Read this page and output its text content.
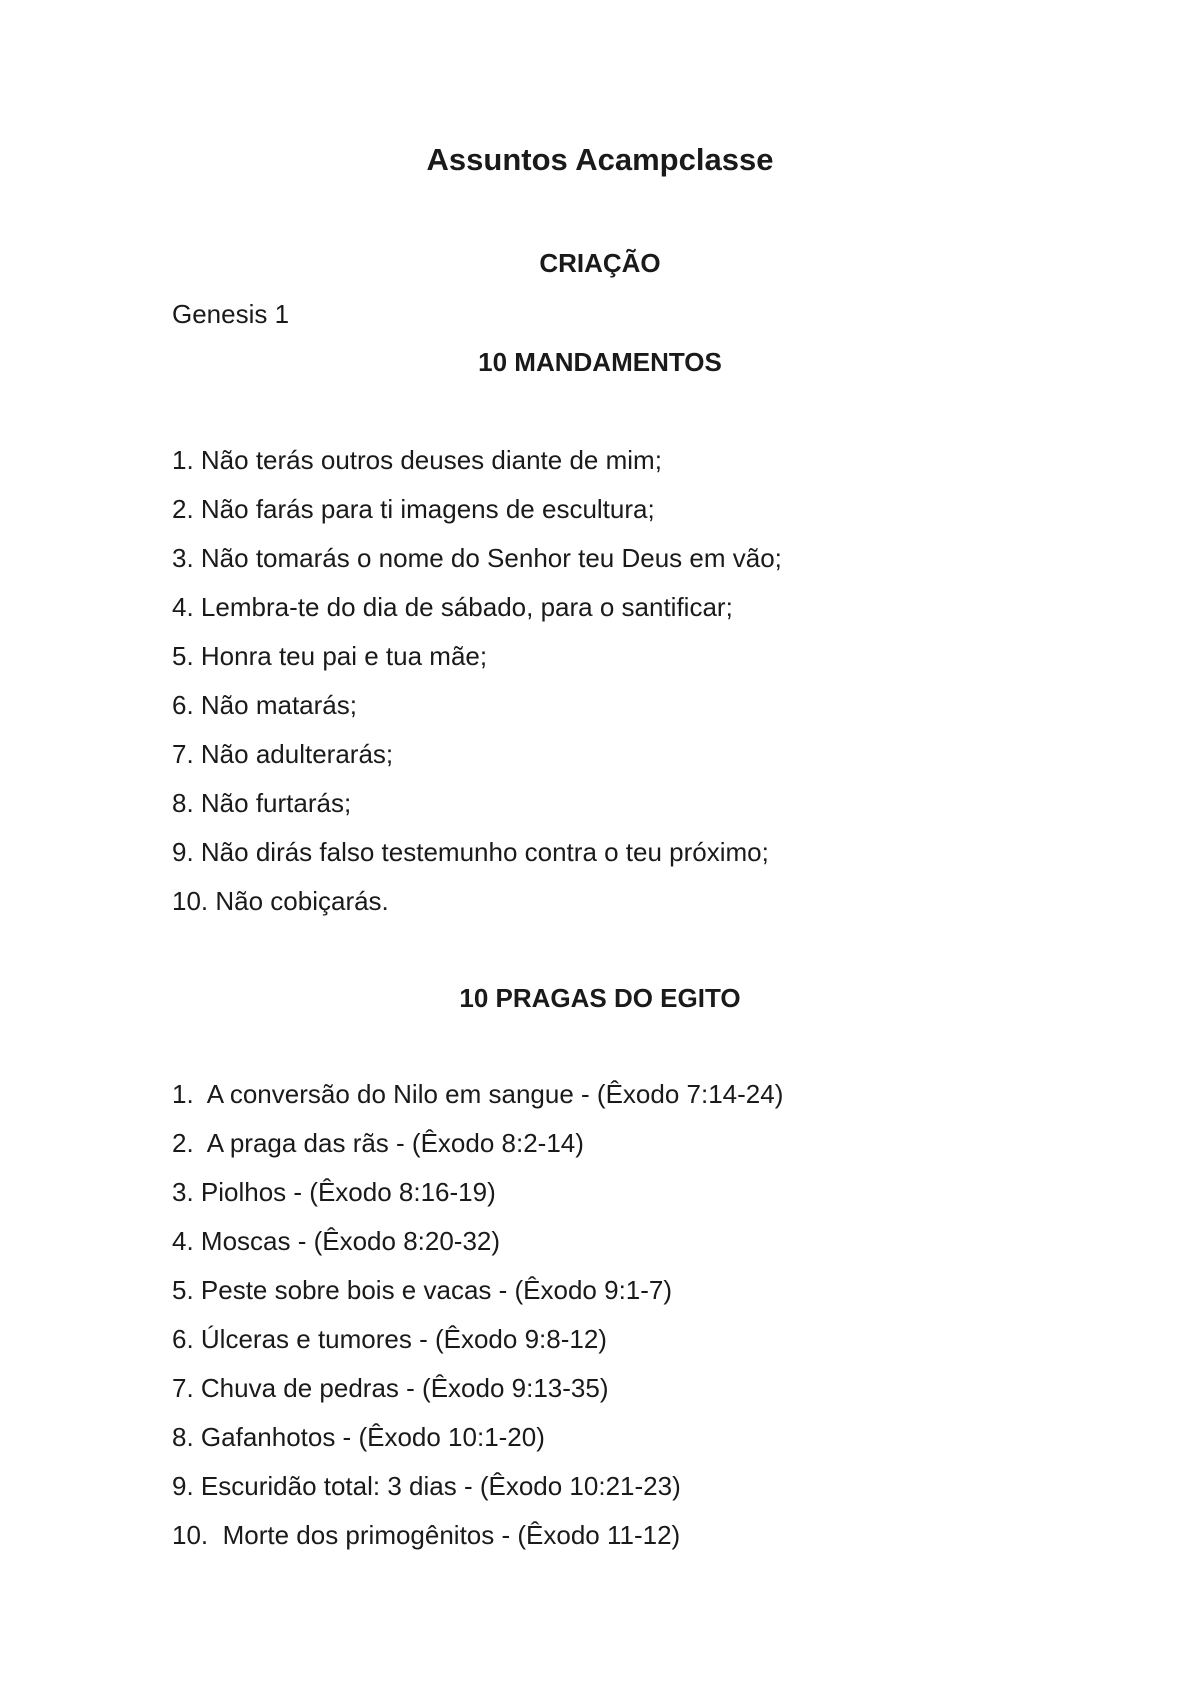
Assuntos Acampclasse
CRIAÇÃO
Genesis 1
10 MANDAMENTOS
1. Não terás outros deuses diante de mim;
2. Não farás para ti imagens de escultura;
3. Não tomarás o nome do Senhor teu Deus em vão;
4. Lembra-te do dia de sábado, para o santificar;
5. Honra teu pai e tua mãe;
6. Não matarás;
7. Não adulterarás;
8. Não furtarás;
9. Não dirás falso testemunho contra o teu próximo;
10. Não cobiçarás.
10 PRAGAS DO EGITO
1.  A conversão do Nilo em sangue - (Êxodo 7:14-24)
2.  A praga das rãs - (Êxodo 8:2-14)
3. Piolhos - (Êxodo 8:16-19)
4. Moscas - (Êxodo 8:20-32)
5. Peste sobre bois e vacas - (Êxodo 9:1-7)
6. Úlceras e tumores - (Êxodo 9:8-12)
7. Chuva de pedras - (Êxodo 9:13-35)
8. Gafanhotos - (Êxodo 10:1-20)
9. Escuridão total: 3 dias - (Êxodo 10:21-23)
10.  Morte dos primogênitos - (Êxodo 11-12)
